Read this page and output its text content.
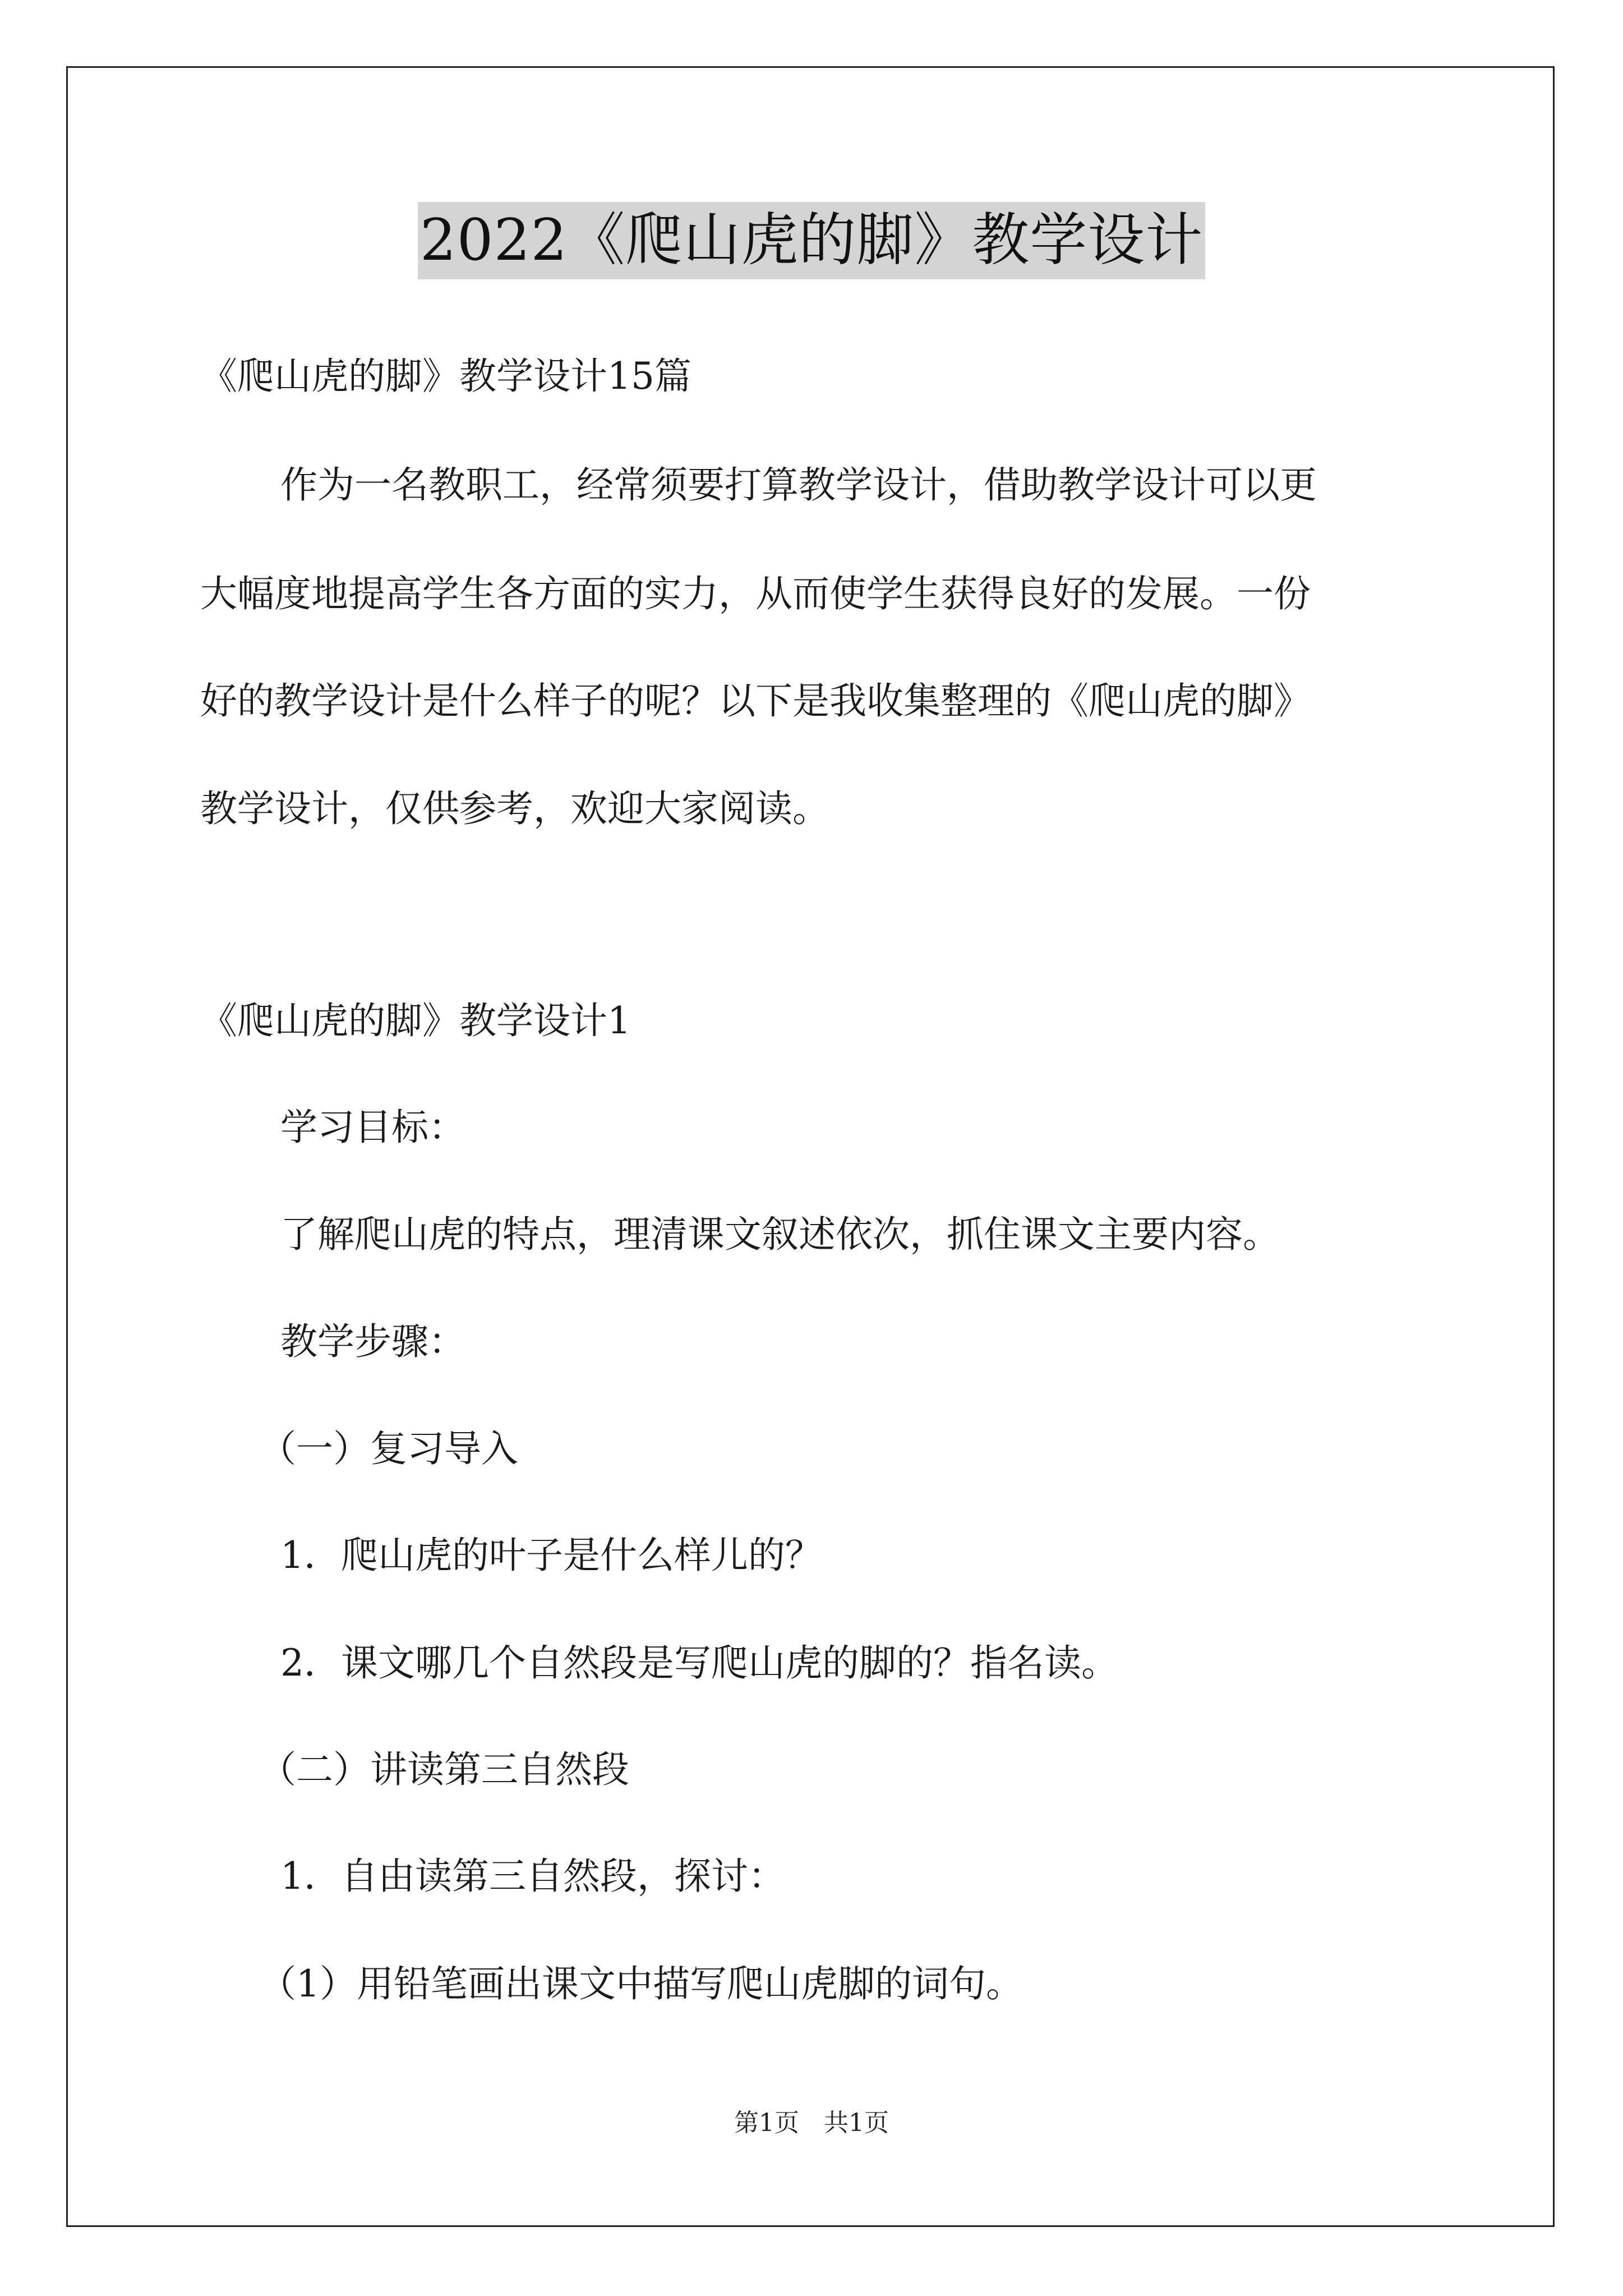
2022《爬山虎的脚》教学设计
《爬山虎的脚》教学设计15篇
作为一名教职工，经常须要打算教学设计，借助教学设计可以更
大幅度地提高学生各方面的实力，从而使学生获得良好的发展。一份
好的教学设计是什么样子的呢？以下是我收集整理的《爬山虎的脚》
教学设计，仅供参考，欢迎大家阅读。
《爬山虎的脚》教学设计1
学习目标：
了解爬山虎的特点，理清课文叙述依次，抓住课文主要内容。
教学步骤：
（一）复习导入
1．爬山虎的叶子是什么样儿的？
2．课文哪几个自然段是写爬山虎的脚的？指名读。
（二）讲读第三自然段
1．自由读第三自然段，探讨：
（1）用铅笔画出课文中描写爬山虎脚的词句。
第1页　共1页
